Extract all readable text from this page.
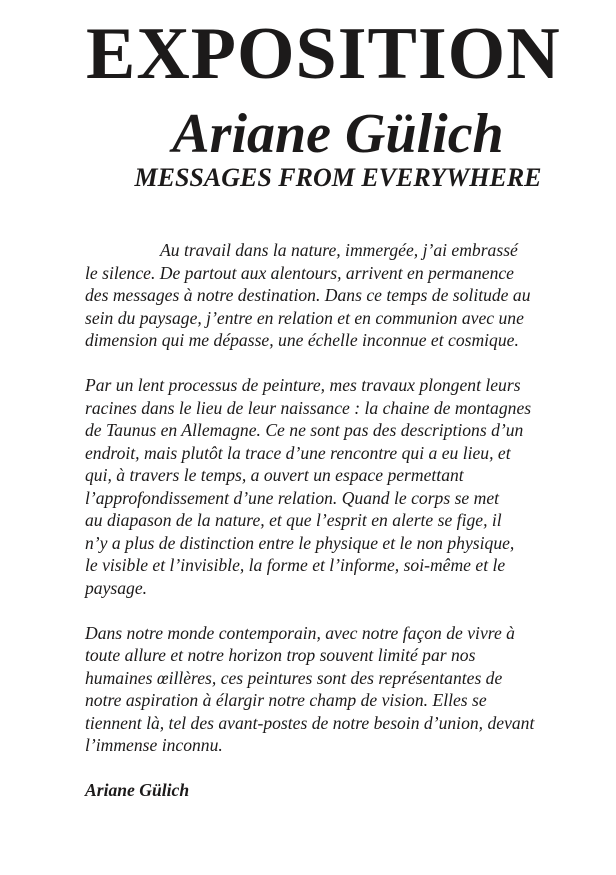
EXPOSITION
Ariane Gülich
MESSAGES FROM EVERYWHERE

Au travail dans la nature, immergée, j’ai embrassé
le silence. De partout aux alentours, arrivent en permanence
des messages à notre destination. Dans ce temps de solitude au
sein du paysage, j’entre en relation et en communion avec une
dimension qui me dépasse, une échelle inconnue et cosmique.

Par un lent processus de peinture, mes travaux plongent leurs
racines dans le lieu de leur naissance : la chaine de montagnes
de Taunus en Allemagne. Ce ne sont pas des descriptions d’un
endroit, mais plutôt la trace d’une rencontre qui a eu lieu, et
qui, à travers le temps, a ouvert un espace permettant
l’approfondissement d’une relation. Quand le corps se met
au diapason de la nature, et que l’esprit en alerte se fige, il
n’y a plus de distinction entre le physique et le non physique,
le visible et l’invisible, la forme et l’informe, soi-même et le
paysage.

Dans notre monde contemporain, avec notre façon de vivre à
toute allure et notre horizon trop souvent limité par nos
humaines œillères, ces peintures sont des représentantes de
notre aspiration à élargir notre champ de vision. Elles se
tiennent là, tel des avant-postes de notre besoin d’union, devant
l’immense inconnu.

Ariane Gülich
